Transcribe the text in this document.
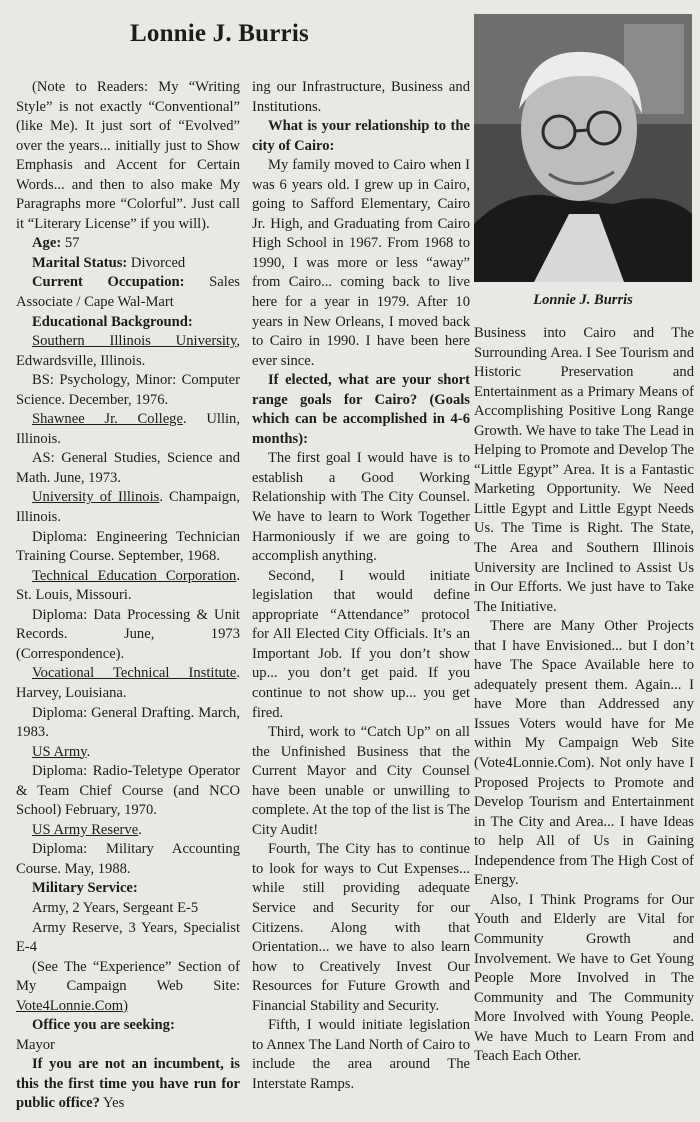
Lonnie J. Burris

(Note to Readers: My “Writing Style” is not exactly “Conventional” (like Me). It just sort of “Evolved” over the years... initially just to Show Emphasis and Accent for Certain Words... and then to also make My Paragraphs more “Colorful”. Just call it “Literary License” if you will).

Age: 57

Marital Status: Divorced

Current Occupation: Sales Associate / Cape Wal-Mart

Educational Background:

Southern Illinois University, Edwardsville, Illinois.

BS: Psychology, Minor: Computer Science. December, 1976.

Shawnee Jr. College. Ullin, Illinois.

AS: General Studies, Science and Math. June, 1973.

University of Illinois. Champaign, Illinois.

Diploma: Engineering Technician Training Course. September, 1968.

Technical Education Corporation. St. Louis, Missouri.

Diploma: Data Processing & Unit Records. June, 1973 (Correspondence).

Vocational Technical Institute. Harvey, Louisiana.

Diploma: General Drafting. March, 1983.

US Army.

Diploma: Radio-Teletype Operator & Team Chief Course (and NCO School) February, 1970.

US Army Reserve.

Diploma: Military Accounting Course. May, 1988.

Military Service:

Army, 2 Years, Sergeant E-5

Army Reserve, 3 Years, Specialist E-4

(See The “Experience” Section of My Campaign Web Site: Vote4Lonnie.Com)

Office you are seeking:

Mayor

If you are not an incumbent, is this the first time you have run for public office? Yes

ing our Infrastructure, Business and Institutions.

What is your relationship to the city of Cairo:

My family moved to Cairo when I was 6 years old. I grew up in Cairo, going to Safford Elementary, Cairo Jr. High, and Graduating from Cairo High School in 1967. From 1968 to 1990, I was more or less “away” from Cairo... coming back to live here for a year in 1979. After 10 years in New Orleans, I moved back to Cairo in 1990. I have been here ever since.

If elected, what are your short range goals for Cairo? (Goals which can be accomplished in 4-6 months):

The first goal I would have is to establish a Good Working Relationship with The City Counsel. We have to learn to Work Together Harmoniously if we are going to accomplish anything.

Second, I would initiate legislation that would define appropriate “Attendance” protocol for All Elected City Officials. It’s an Important Job. If you don’t show up... you don’t get paid. If you continue to not show up... you get fired.

Third, work to “Catch Up” on all the Unfinished Business that the Current Mayor and City Counsel have been unable or unwilling to complete. At the top of the list is The City Audit!

Fourth, The City has to continue to look for ways to Cut Expenses... while still providing adequate Service and Security for our Citizens. Along with that Orientation... we have to also learn how to Creatively Invest Our Resources for Future Growth and Financial Stability and Security.

Fifth, I would initiate legislation to Annex The Land North of Cairo to include the area around The Interstate Ramps.

Lonnie J. Burris

Business into Cairo and The Surrounding Area. I See Tourism and Historic Preservation and Entertainment as a Primary Means of Accomplishing Positive Long Range Growth. We have to take The Lead in Helping to Promote and Develop The “Little Egypt” Area. It is a Fantastic Marketing Opportunity. We Need Little Egypt and Little Egypt Needs Us. The Time is Right. The State, The Area and Southern Illinois University are Inclined to Assist Us in Our Efforts. We just have to Take The Initiative.

There are Many Other Projects that I have Envisioned... but I don’t have The Space Available here to adequately present them. Again... I have More than Addressed any Issues Voters would have for Me within My Campaign Web Site (Vote4Lonnie.Com). Not only have I Proposed Projects to Promote and Develop Tourism and Entertainment in The City and Area... I have Ideas to help All of Us in Gaining Independence from The High Cost of Energy.

Also, I Think Programs for Our Youth and Elderly are Vital for Community Growth and Involvement. We have to Get Young People More Involved in The Community and The Community More Involved with Young People. We have Much to Learn From and Teach Each Other.
